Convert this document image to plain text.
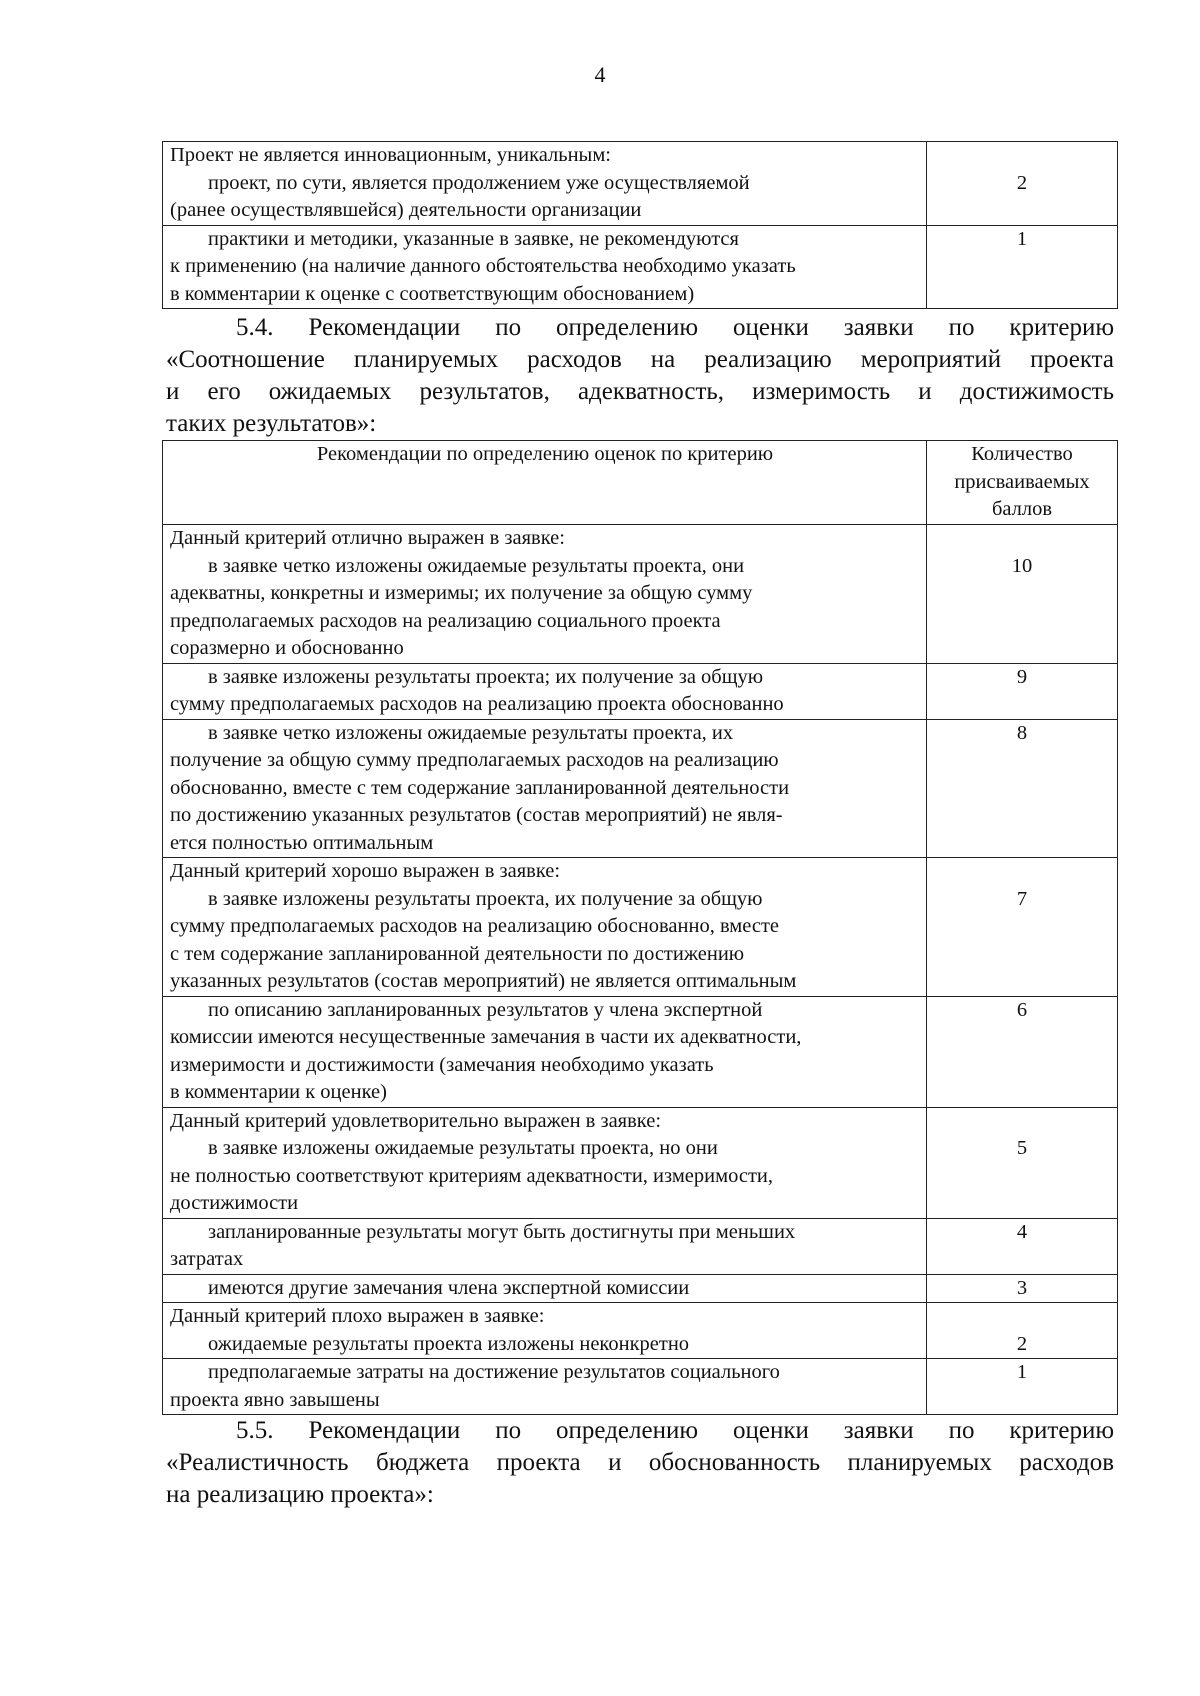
4
Проект не является инновационным, уникальным:
проект, по сути, является продолжением уже осуществляемой
(ранее осуществлявшейся) деятельности организации	2

практики и методики, указанные в заявке, не рекомендуются
к применению (на наличие данного обстоятельства необходимо указать
в комментарии к оценке с соответствующим обоснованием)	1
5.4. Рекомендации по определению оценки заявки по критерию
«Соотношение планируемых расходов на реализацию мероприятий проекта
и его ожидаемых результатов, адекватность, измеримость и достижимость
таких результатов»:
Рекомендации по определению оценок по критерию	Количество
присваиваемых
баллов

Данный критерий отлично выражен в заявке:
в заявке четко изложены ожидаемые результаты проекта, они
адекватны, конкретны и измеримы; их получение за общую сумму
предполагаемых расходов на реализацию социального проекта
соразмерно и обоснованно	10

в заявке изложены результаты проекта; их получение за общую
сумму предполагаемых расходов на реализацию проекта обоснованно	9

в заявке четко изложены ожидаемые результаты проекта, их
получение за общую сумму предполагаемых расходов на реализацию
обоснованно, вместе с тем содержание запланированной деятельности
по достижению указанных результатов (состав мероприятий) не явля-
ется полностью оптимальным	8

Данный критерий хорошо выражен в заявке:
в заявке изложены результаты проекта, их получение за общую
сумму предполагаемых расходов на реализацию обоснованно, вместе
с тем содержание запланированной деятельности по достижению
указанных результатов (состав мероприятий) не является оптимальным	7

по описанию запланированных результатов у члена экспертной
комиссии имеются несущественные замечания в части их адекватности,
измеримости и достижимости (замечания необходимо указать
в комментарии к оценке)	6

Данный критерий удовлетворительно выражен в заявке:
в заявке изложены ожидаемые результаты проекта, но они
не полностью соответствуют критериям адекватности, измеримости,
достижимости	5

запланированные результаты могут быть достигнуты при меньших
затратах	4

имеются другие замечания члена экспертной комиссии	3

Данный критерий плохо выражен в заявке:
ожидаемые результаты проекта изложены неконкретно	2

предполагаемые затраты на достижение результатов социального
проекта явно завышены	1
5.5. Рекомендации по определению оценки заявки по критерию
«Реалистичность бюджета проекта и обоснованность планируемых расходов
на реализацию проекта»:
